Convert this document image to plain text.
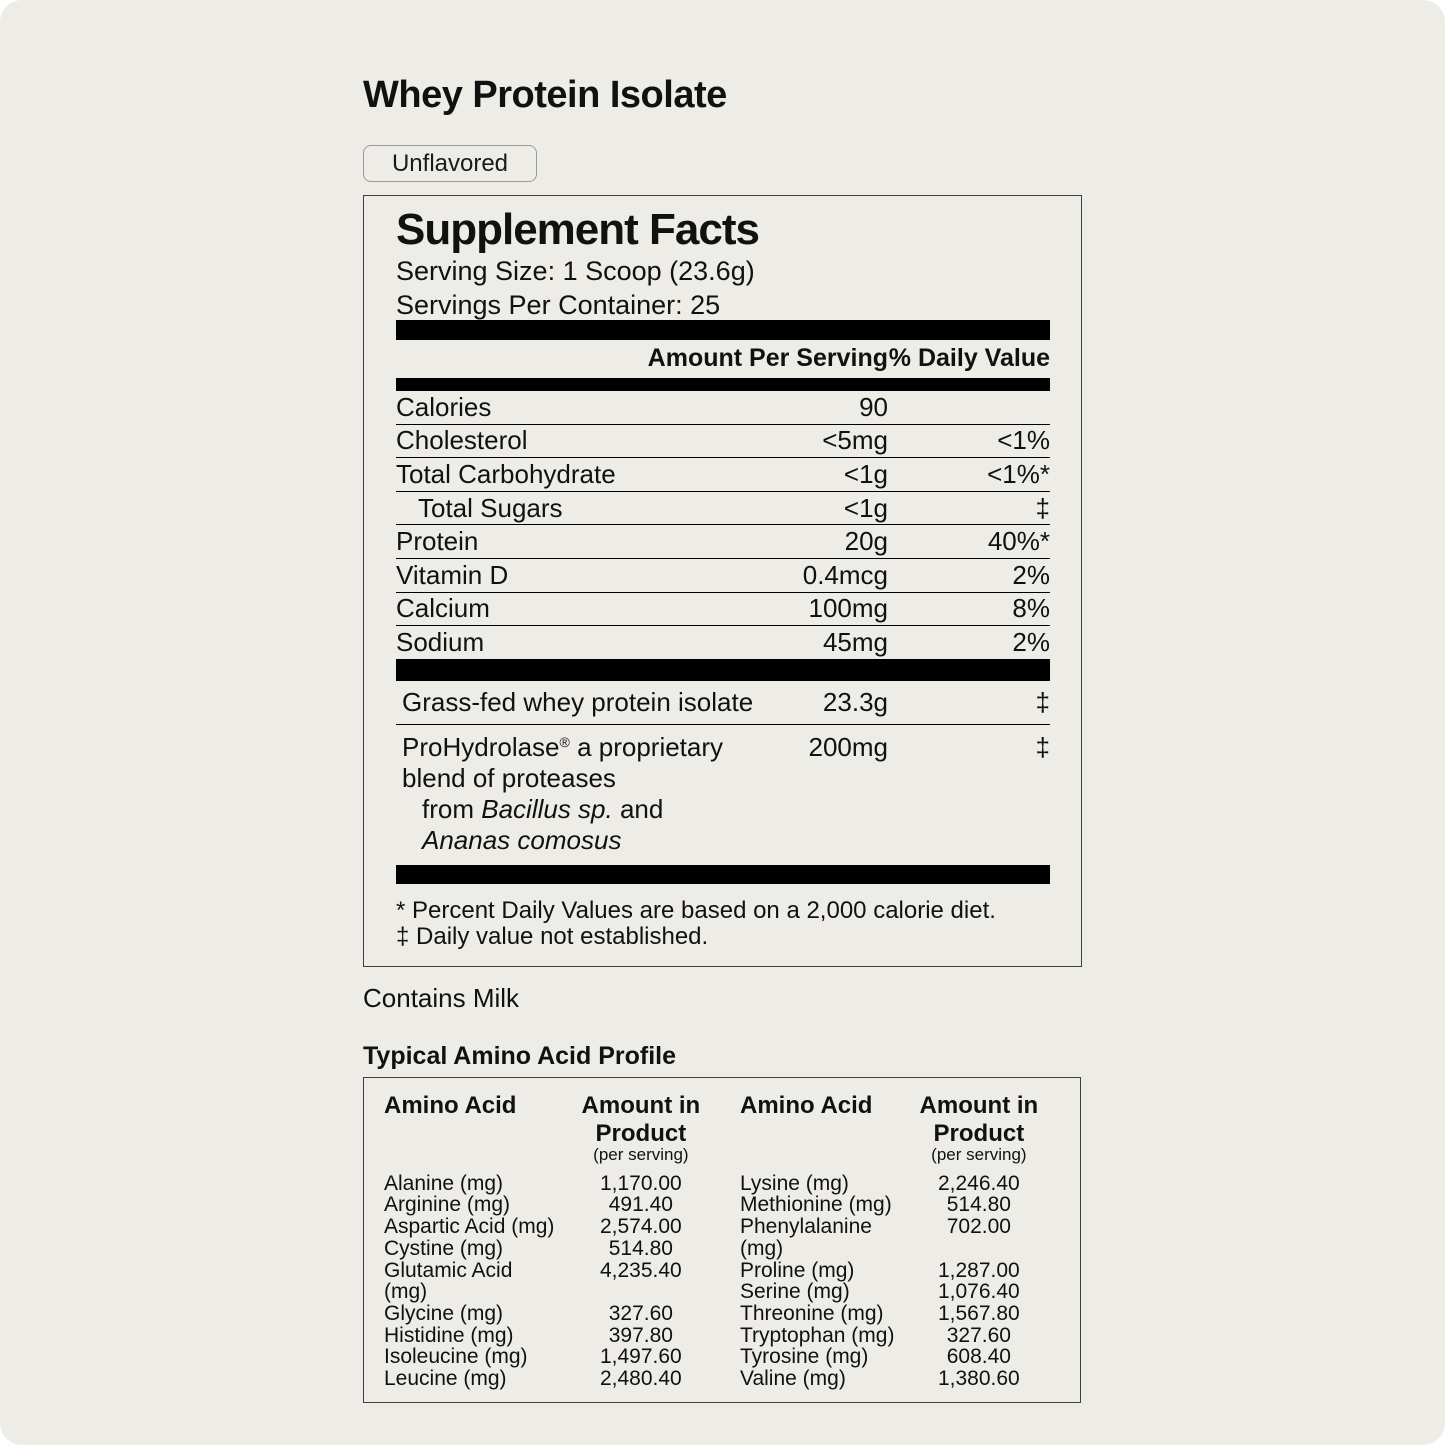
Whey Protein Isolate
Unflavored
Supplement Facts
Serving Size: 1 Scoop (23.6g)
Servings Per Container: 25
Amount Per Serving % Daily Value
Calories	90
Cholesterol	<5mg	<1%
Total Carbohydrate	<1g	<1%*
Total Sugars	<1g	‡
Protein	20g	40%*
Vitamin D	0.4mcg	2%
Calcium	100mg	8%
Sodium	45mg	2%
Grass-fed whey protein isolate	23.3g	‡
ProHydrolase® a proprietary blend of proteases
from Bacillus sp. and Ananas comosus
200mg	‡
* Percent Daily Values are based on a 2,000 calorie diet.
‡ Daily value not established.
Contains Milk
Typical Amino Acid Profile
Amino Acid	Amount in Product
(per serving)
Alanine (mg)	1,170.00
Arginine (mg)	491.40
Aspartic Acid (mg)	2,574.00
Cystine (mg)	514.80
Glutamic Acid (mg)
4,235.40
Glycine (mg)	327.60
Histidine (mg)	397.80
Isoleucine (mg)	1,497.60
Leucine (mg)	2,480.40
Amino Acid	Amount in Product
(per serving)
Lysine (mg)	2,246.40
Methionine (mg)	514.80
Phenylalanine (mg)
702.00
Proline (mg)	1,287.00
Serine (mg)	1,076.40
Threonine (mg)	1,567.80
Tryptophan (mg)	327.60
Tyrosine (mg)	608.40
Valine (mg)	1,380.60
